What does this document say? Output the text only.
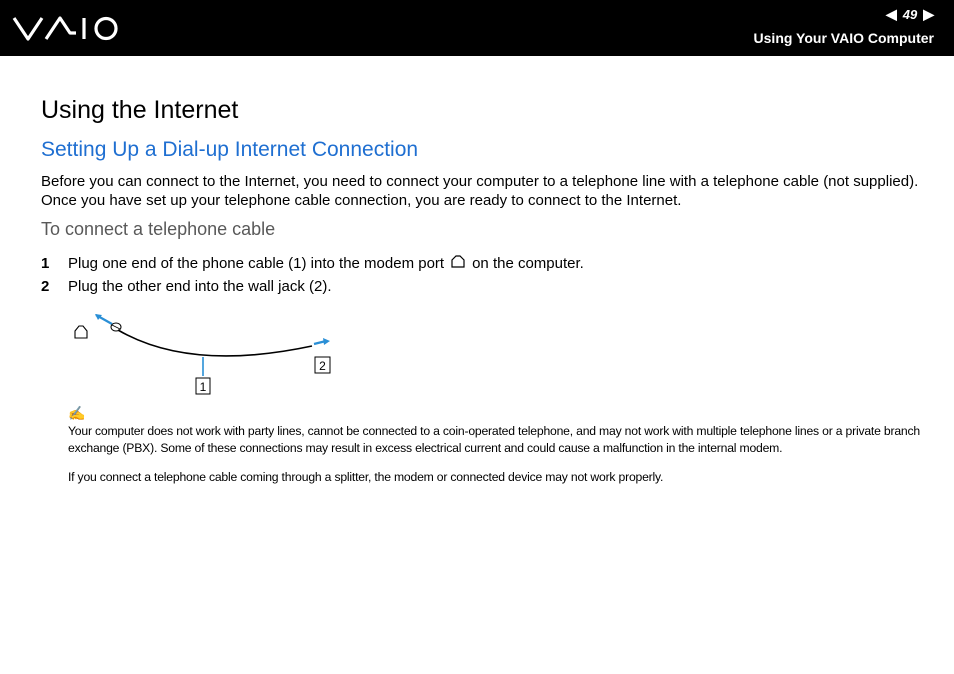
◀ 49 ▶
Using Your VAIO Computer
Using the Internet
Setting Up a Dial-up Internet Connection

Before you can connect to the Internet, you need to connect your computer to a telephone line with a telephone cable (not supplied). Once you have set up your telephone cable connection, you are ready to connect to the Internet.

To connect a telephone cable
1	Plug one end of the phone cable (1) into the modem port on the computer.
2	Plug the other end into the wall jack (2).
1
2
✍

Your computer does not work with party lines, cannot be connected to a coin-operated telephone, and may not work with multiple telephone lines or a private branch exchange (PBX). Some of these connections may result in excess electrical current and could cause a malfunction in the internal modem.

If you connect a telephone cable coming through a splitter, the modem or connected device may not work properly.
